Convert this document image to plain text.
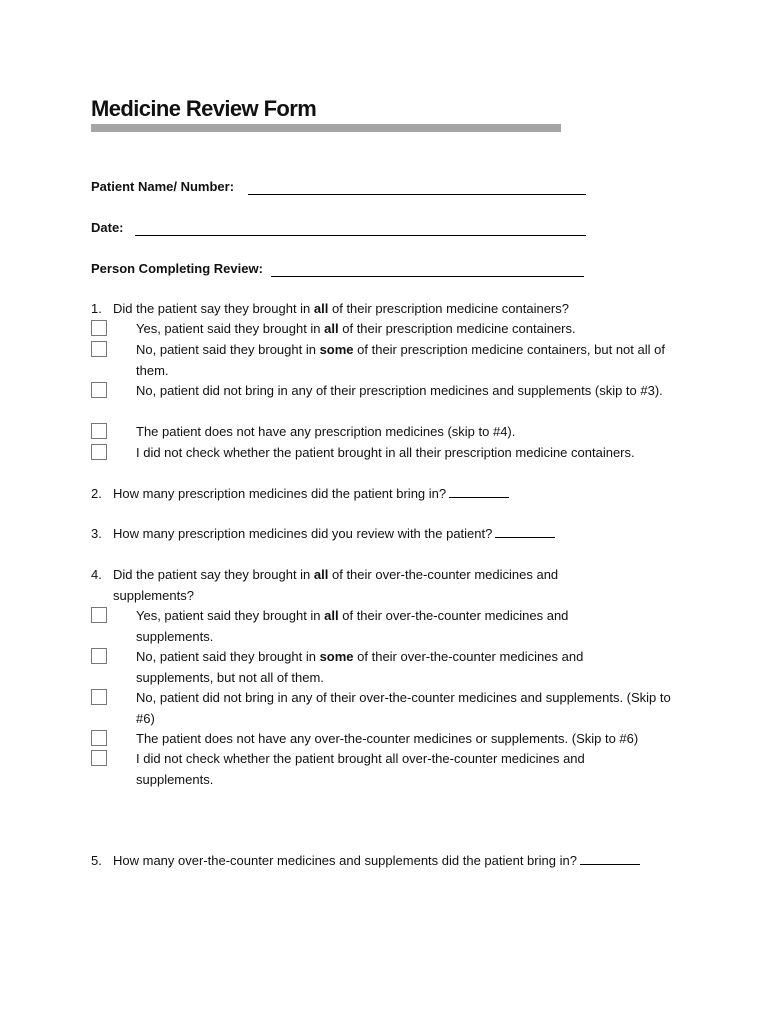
Medicine Review Form
Patient Name/ Number:
Date:
Person Completing Review:
1. Did the patient say they brought in all of their prescription medicine containers?
Yes, patient said they brought in all of their prescription medicine containers.
No, patient said they brought in some of their prescription medicine containers, but not all of them.
No, patient did not bring in any of their prescription medicines and supplements (skip to #3).
The patient does not have any prescription medicines (skip to #4).
I did not check whether the patient brought in all their prescription medicine containers.
2. How many prescription medicines did the patient bring in?
3. How many prescription medicines did you review with the patient?
4. Did the patient say they brought in all of their over-the-counter medicines and
supplements?
Yes, patient said they brought in all of their over-the-counter medicines and supplements.
No, patient said they brought in some of their over-the-counter medicines and supplements, but not all of them.
No, patient did not bring in any of their over-the-counter medicines and supplements. (Skip to #6)
The patient does not have any over-the-counter medicines or supplements. (Skip to #6)
I did not check whether the patient brought all over-the-counter medicines and supplements.
5. How many over-the-counter medicines and supplements did the patient bring in?
